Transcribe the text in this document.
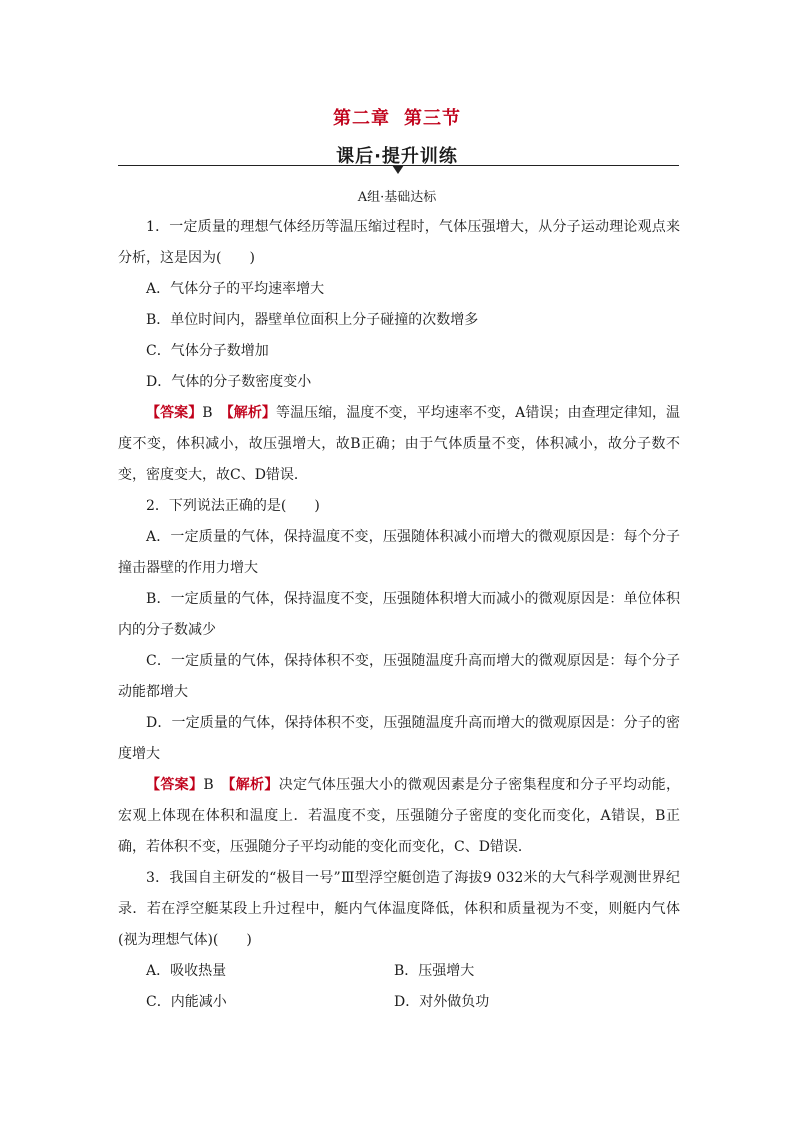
第二章 第三节
课后·提升训练
A组·基础达标

1．一定质量的理想气体经历等温压缩过程时，气体压强增大，从分子运动理论观点来分析，这是因为(　　)

A．气体分子的平均速率增大

B．单位时间内，器壁单位面积上分子碰撞的次数增多

C．气体分子数增加

D．气体的分子数密度变小

【答案】B　 【解析】等温压缩，温度不变，平均速率不变，A错误；由查理定律知，温度不变，体积减小，故压强增大，故B正确；由于气体质量不变，体积减小，故分子数不变，密度变大，故C、D错误．

2．下列说法正确的是(　　)

A．一定质量的气体，保持温度不变，压强随体积减小而增大的微观原因是：每个分子撞击器壁的作用力增大

B．一定质量的气体，保持温度不变，压强随体积增大而减小的微观原因是：单位体积内的分子数减少

C．一定质量的气体，保持体积不变，压强随温度升高而增大的微观原因是：每个分子动能都增大

D．一定质量的气体，保持体积不变，压强随温度升高而增大的微观原因是：分子的密度增大

【答案】B　 【解析】决定气体压强大小的微观因素是分子密集程度和分子平均动能，宏观上体现在体积和温度上．若温度不变，压强随分子密度的变化而变化，A错误，B正确，若体积不变，压强随分子平均动能的变化而变化，C、D错误．

3．我国自主研发的“极目一号”Ⅲ型浮空艇创造了海拔9 032米的大气科学观测世界纪录．若在浮空艇某段上升过程中，艇内气体温度降低，体积和质量视为不变，则艇内气体(视为理想气体)(　　)

A．吸收热量	B．压强增大
C．内能减小	D．对外做负功
